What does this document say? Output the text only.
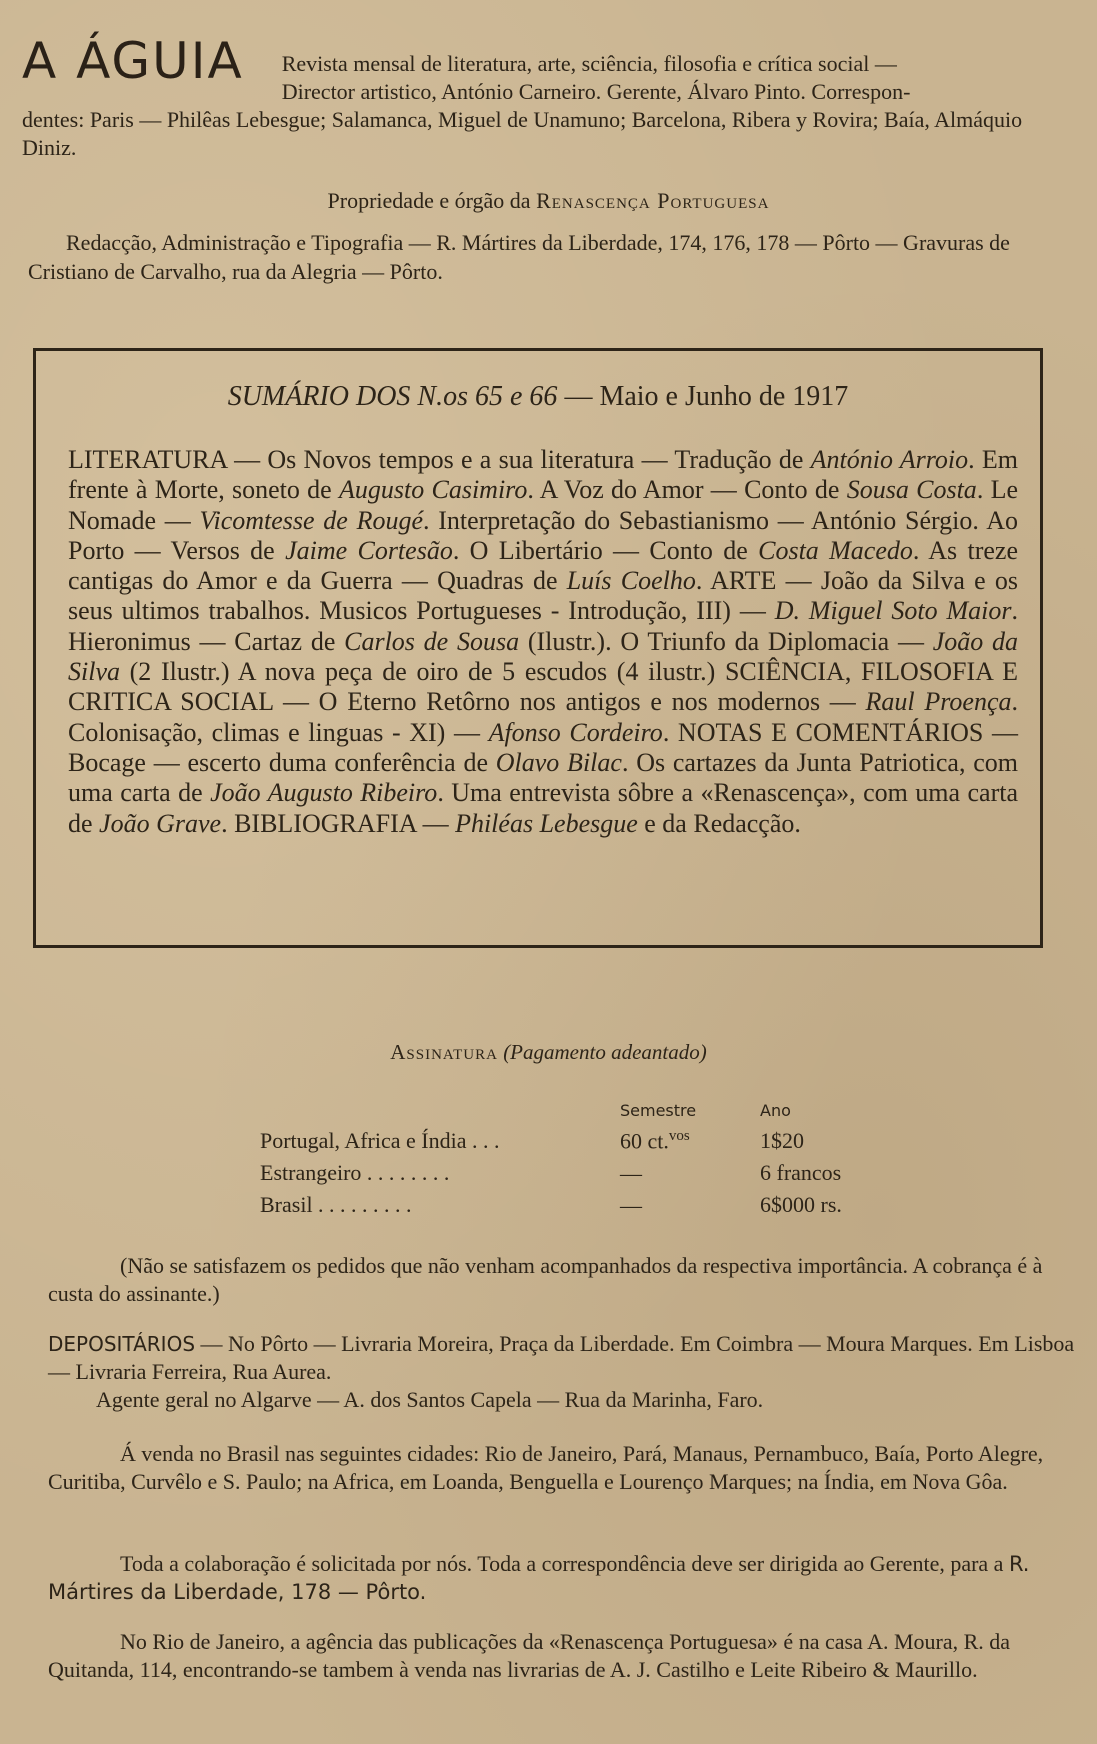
A ÁGUIA	Revista mensal de literatura, arte, sciência, filosofia e crítica social —
Director artistico, António Carneiro. Gerente, Álvaro Pinto. Correspon-
dentes: Paris — Philêas Lebesgue; Salamanca, Miguel de Unamuno; Barcelona, Ribera y Rovira; Baía, Almáquio Diniz.
Propriedade e órgão da Renascença Portuguesa
Redacção, Administração e Tipografia — R. Mártires da Liberdade, 174, 176, 178 — Pôrto — Gravuras de Cristiano de Carvalho, rua da Alegria — Pôrto.
SUMÁRIO DOS N.os 65 e 66 — Maio e Junho de 1917
LITERATURA — Os Novos tempos e a sua literatura — Tradução de António Arroio. Em frente à Morte, soneto de Augusto Casimiro. A Voz do Amor — Conto de Sousa Costa. Le Nomade — Vicomtesse de Rougé. Interpretação do Sebastianismo — António Sérgio. Ao Porto — Versos de Jaime Cortesão. O Libertário — Conto de Costa Macedo. As treze cantigas do Amor e da Guerra — Quadras de Luís Coelho. ARTE — João da Silva e os seus ultimos trabalhos. Musicos Portugueses - Introdução, III) — D. Miguel Soto Maior. Hieronimus — Cartaz de Carlos de Sousa (Ilustr.). O Triunfo da Diplomacia — João da Silva (2 Ilustr.) A nova peça de oiro de 5 escudos (4 ilustr.) SCIÊNCIA, FILOSOFIA E CRITICA SOCIAL — O Eterno Retôrno nos antigos e nos modernos — Raul Proença. Colonisação, climas e linguas - XI) — Afonso Cordeiro. NOTAS E COMENTÁRIOS — Bocage — escerto duma conferência de Olavo Bilac. Os cartazes da Junta Patriotica, com uma carta de João Augusto Ribeiro. Uma entrevista sôbre a «Renascença», com uma carta de João Grave. BIBLIOGRAFIA — Philéas Lebesgue e da Redacção.
Assinatura (Pagamento adeantado)
	Semestre	Ano
Portugal, Africa e Índia . . .	60 ct.$^{vos}$	1$20
Estrangeiro . . . . . . . .	—	6 francos
Brasil . . . . . . . . .	—	6$000 rs.
(Não se satisfazem os pedidos que não venham acompanhados da respectiva importância. A cobrança é à custa do assinante.)
DEPOSITÁRIOS — No Pôrto — Livraria Moreira, Praça da Liberdade. Em Coimbra — Moura Marques. Em Lisboa — Livraria Ferreira, Rua Aurea.
Agente geral no Algarve — A. dos Santos Capela — Rua da Marinha, Faro.
Á venda no Brasil nas seguintes cidades: Rio de Janeiro, Pará, Manaus, Pernambuco, Baía, Porto Alegre, Curitiba, Curvêlo e S. Paulo; na Africa, em Loanda, Benguella e Lourenço Marques; na Índia, em Nova Gôa.
Toda a colaboração é solicitada por nós. Toda a correspondência deve ser dirigida ao Gerente, para a R. Mártires da Liberdade, 178 — Pôrto.
No Rio de Janeiro, a agência das publicações da «Renascença Portuguesa» é na casa A. Moura, R. da Quitanda, 114, encontrando-se tambem à venda nas livrarias de A. J. Castilho e Leite Ribeiro & Maurillo.
